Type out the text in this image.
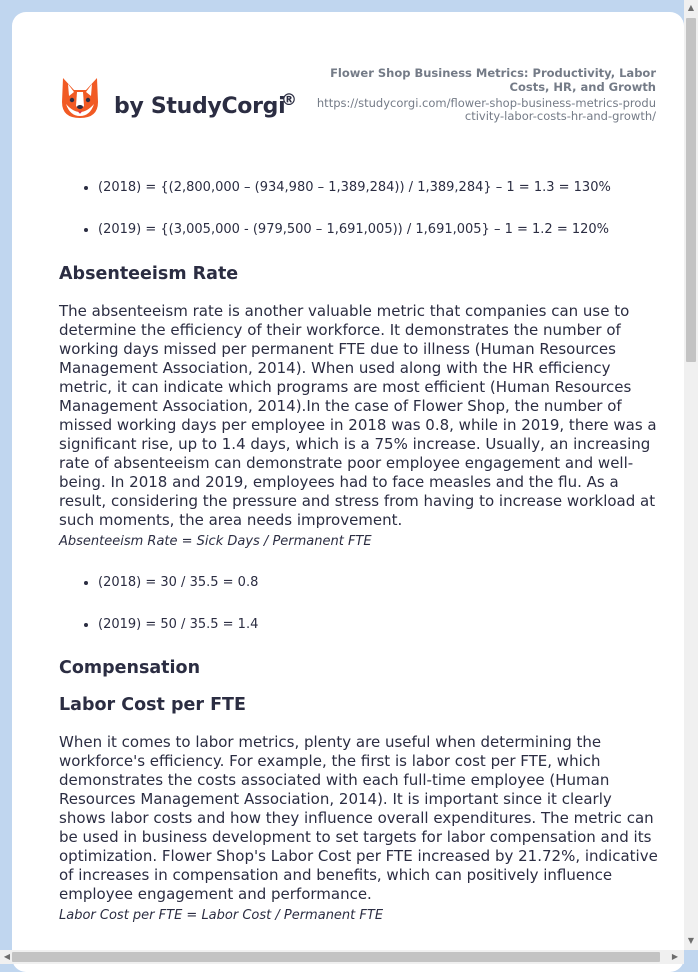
by StudyCorgi
®
Flower Shop Business Metrics: Productivity, Labor Costs, HR, and Growth
https://studycorgi.com/flower-shop-business-metrics-productivity-labor-costs-hr-and-growth/
• (2018) = {(2,800,000 – (934,980 – 1,389,284)) / 1,389,284} – 1 = 1.3 = 130%
• (2019) = {(3,005,000 - (979,500 – 1,691,005)) / 1,691,005} – 1 = 1.2 = 120%
Absenteeism Rate

The absenteeism rate is another valuable metric that companies can use to determine the efficiency of their workforce. It demonstrates the number of working days missed per permanent FTE due to illness (Human Resources Management Association, 2014). When used along with the HR efficiency metric, it can indicate which programs are most efficient (Human Resources Management Association, 2014).In the case of Flower Shop, the number of missed working days per employee in 2018 was 0.8, while in 2019, there was a significant rise, up to 1.4 days, which is a 75% increase. Usually, an increasing rate of absenteeism can demonstrate poor employee engagement and well-being. In 2018 and 2019, employees had to face measles and the flu. As a result, considering the pressure and stress from having to increase workload at such moments, the area needs improvement.

Absenteeism Rate = Sick Days / Permanent FTE

• (2018) = 30 / 35.5 = 0.8
• (2019) = 50 / 35.5 = 1.4
Compensation
Labor Cost per FTE

When it comes to labor metrics, plenty are useful when determining the workforce's efficiency. For example, the first is labor cost per FTE, which demonstrates the costs associated with each full-time employee (Human Resources Management Association, 2014). It is important since it clearly shows labor costs and how they influence overall expenditures. The metric can be used in business development to set targets for labor compensation and its optimization. Flower Shop's Labor Cost per FTE increased by 21.72%, indicative of increases in compensation and benefits, which can positively influence employee engagement and performance.

Labor Cost per FTE = Labor Cost / Permanent FTE

▲
▼
◀	▶
